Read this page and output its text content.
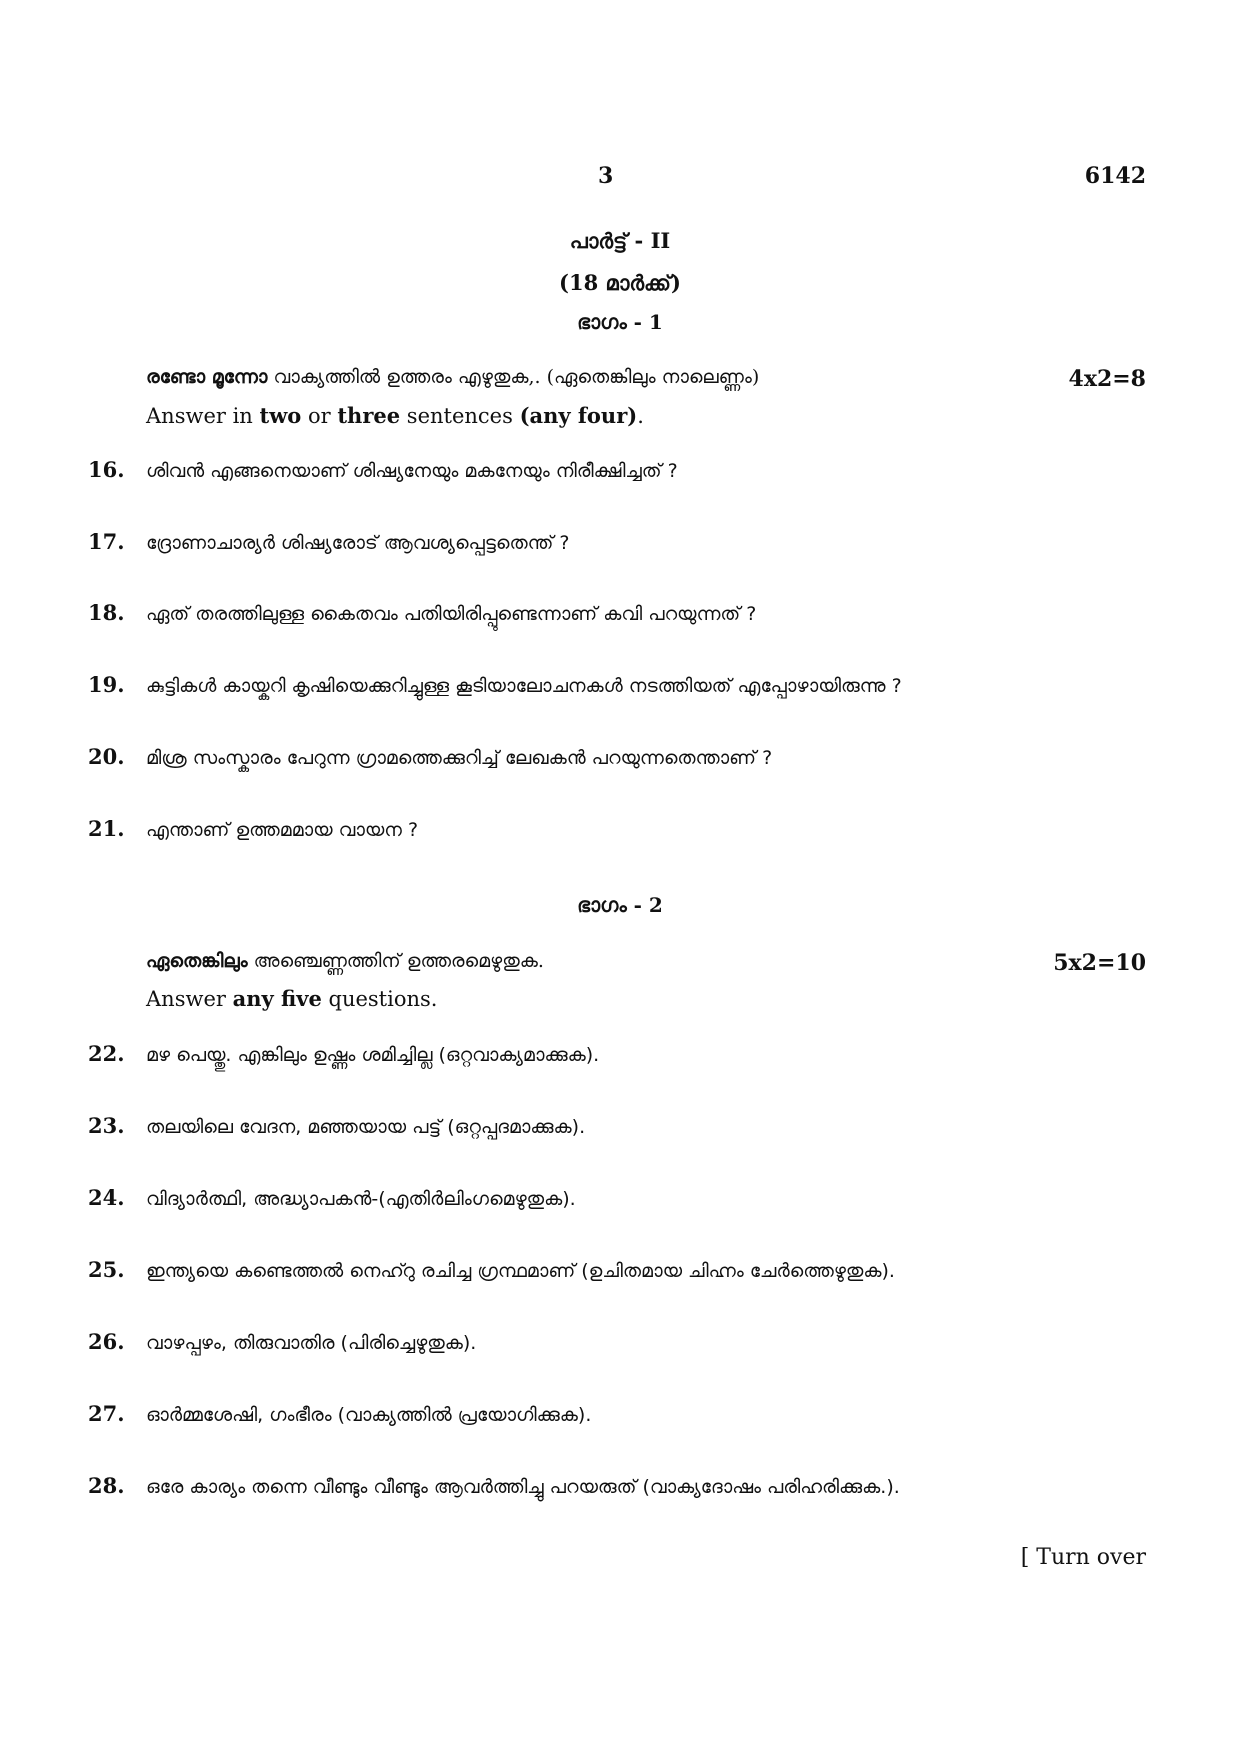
3	6142
പാർട്ട് - II
(18 മാർക്ക്)
ഭാഗം - 1
രണ്ടോ മൂന്നോ വാക്യത്തിൽ ഉത്തരം എഴുതുക,. (ഏതെങ്കിലും നാലെണ്ണം)	4x2=8
Answer in two or three sentences (any four).
16. ശിവൻ എങ്ങനെയാണ് ശിഷ്യനേയും മകനേയും നിരീക്ഷിച്ചത് ?
17. ദ്രോണാചാര്യർ ശിഷ്യരോട് ആവശ്യപ്പെട്ടതെന്ത് ?
18. ഏത് തരത്തിലുള്ള കൈതവം പതിയിരിപ്പുണ്ടെന്നാണ് കവി പറയുന്നത് ?
19. കുട്ടികൾ കായ്കറി കൃഷിയെക്കുറിച്ചുള്ള കൂടിയാലോചനകൾ നടത്തിയത് എപ്പോഴായിരുന്നു ?
20. മിശ്ര സംസ്കാരം പേറുന്ന ഗ്രാമത്തെക്കുറിച്ച് ലേഖകൻ പറയുന്നതെന്താണ് ?
21. എന്താണ് ഉത്തമമായ വായന ?
ഭാഗം - 2
ഏതെങ്കിലും അഞ്ചെണ്ണത്തിന് ഉത്തരമെഴുതുക.	5x2=10
Answer any five questions.
22. മഴ പെയ്തു. എങ്കിലും ഉഷ്ണം ശമിച്ചില്ല (ഒറ്റവാക്യമാക്കുക).
23. തലയിലെ വേദന, മഞ്ഞയായ പട്ട് (ഒറ്റപ്പദമാക്കുക).
24. വിദ്യാർത്ഥി, അദ്ധ്യാപകൻ-(എതിർലിംഗമെഴുതുക).
25. ഇന്ത്യയെ കണ്ടെത്തൽ നെഹ്റു രചിച്ച ഗ്രന്ഥമാണ് (ഉചിതമായ ചിഹ്നം ചേർത്തെഴുതുക).
26. വാഴപ്പഴം, തിരുവാതിര (പിരിച്ചെഴുതുക).
27. ഓർമ്മശേഷി, ഗംഭീരം (വാക്യത്തിൽ പ്രയോഗിക്കുക).
28. ഒരേ കാര്യം തന്നെ വീണ്ടും വീണ്ടും ആവർത്തിച്ചു പറയരുത് (വാക്യദോഷം പരിഹരിക്കുക.).
[ Turn over
